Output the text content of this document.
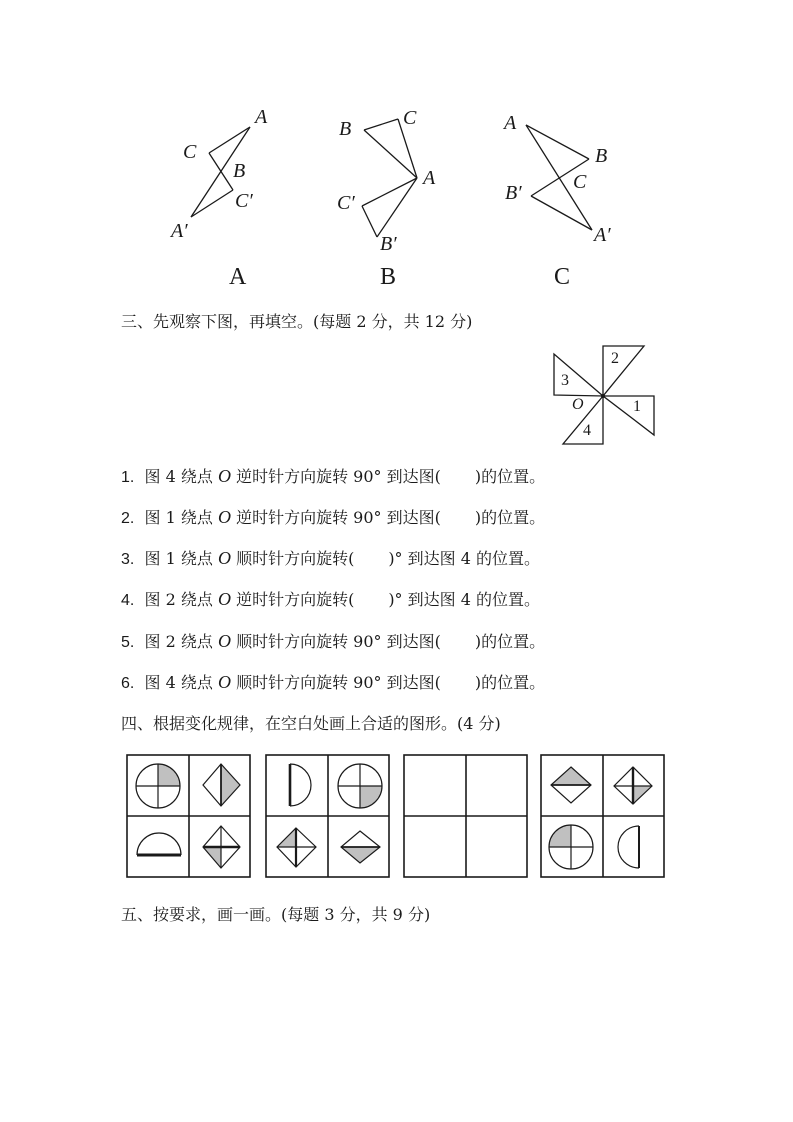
A
C
B
C′
A′
B	C
A
C′
B′
A
B
C
B′
A′
A	B	C
三、先观察下图，再填空。(每题 2 分，共 12 分)
2
3
1
4
O
1. 图 4 绕点 O 逆时针方向旋转 90° 到达图( )的位置。
2. 图 1 绕点 O 逆时针方向旋转 90° 到达图( )的位置。
3. 图 1 绕点 O 顺时针方向旋转( )° 到达图 4 的位置。
4. 图 2 绕点 O 逆时针方向旋转( )° 到达图 4 的位置。
5. 图 2 绕点 O 顺时针方向旋转 90° 到达图( )的位置。
6. 图 4 绕点 O 顺时针方向旋转 90° 到达图( )的位置。
四、根据变化规律，在空白处画上合适的图形。(4 分)
五、按要求，画一画。(每题 3 分，共 9 分)
